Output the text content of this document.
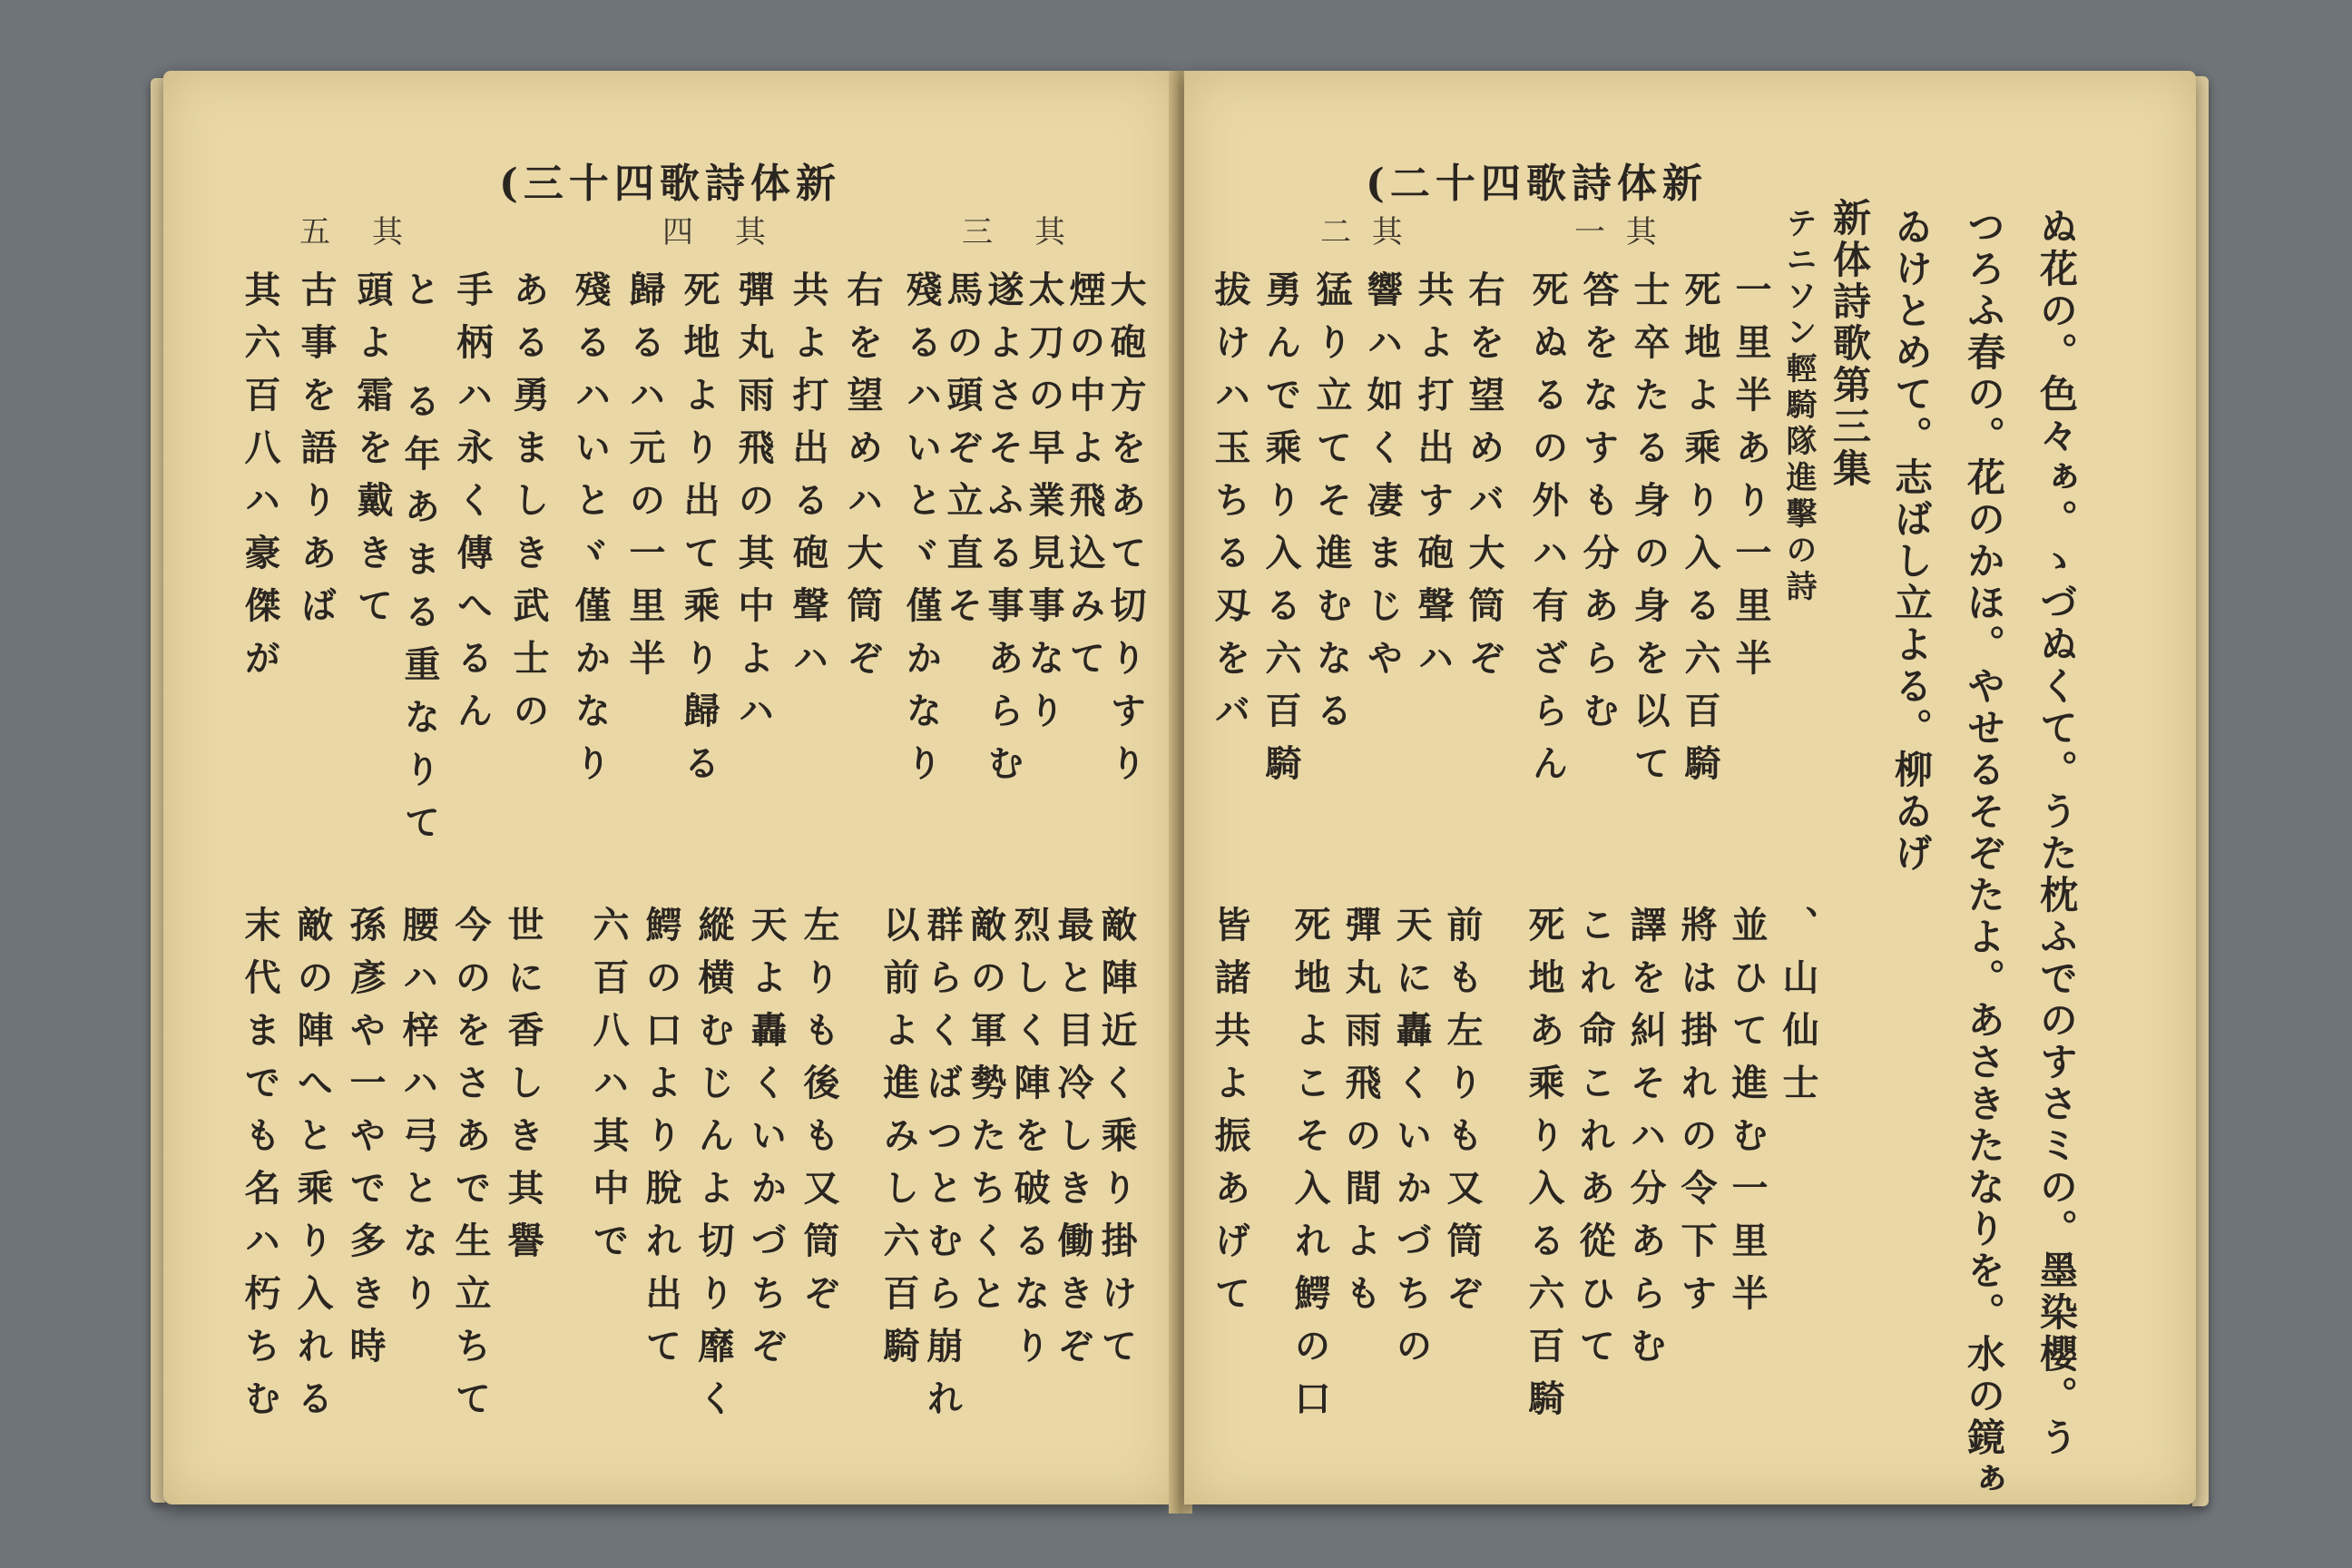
(三十四歌詩体新
五　其	四　其	三　其
其六百八ハ豪傑が 古事を語りあば 頭よ霜を戴きて と る年あまる重なりて 手柄ハ永く傳へるん ある勇ましき武士の 殘るハいとヾ僅かなり 歸るハ元の一里半 死地より出て乘り歸る 彈丸雨飛の其中よハ 共よ打出る砲聲ハ 右を望めハ大筒ぞ 殘るハいとヾ僅かなり
馬の頭ぞ立直そ
遂よさそふる事あらむ
太刀の早業見事なり
煙の中よ飛込みて
大砲方をあて切りすり
末代までも名ハ朽ちむ 敵の陣へと乘り入れる 孫彥や一やで多き時 腰ハ梓ハ弓となり 今のをさあで生立ちて 世に香しき其譽 六百八ハ其中で 鰐の口より脫れ出て 縱横むじんよ切り靡く 天よ轟くいかづちぞ 左りも後も又筒ぞ 以前よ進みし六百騎 群らくばつとむら崩れ 敵の軍勢たちくと 烈しく陣を破るなり 最と目冷しき働きぞ 敵陣近く乘り掛けて
(二十四歌詩体新
二 其	一 其
拔けハ玉ちる刄をバ 勇んで乘り入る六百騎 猛り立てそ進むなる 響ハ如く凄まじや 共よ打出す砲聲ハ 右を望めバ大筒ぞ 死ぬるの外ハ有ざらん 答をなすも分あらむ 士卒たる身の身を以て 死地よ乘り入る六百騎 一里半あり一里半 テニソン輕騎隊進擊の詩 新体詩歌第三集 ゐけとめて。志ばし立よる。柳ゐげ つろふ春の。花のかほ。やせるそぞたよ。あさきたなりを。水の鏡ぁ ぬ花の。色々ぁ。ゝづぬくて。うた枕ふでのすさミの。墨染櫻。う
皆諸共よ振あげて 死地よこそ入れ鰐の口 彈丸雨飛の間よも 天に轟くいかづちの 前も左りも又筒ぞ 死地あ乘り入る六百騎 これ命これあ從ひて 譯を糾そハ分あらむ 將は掛れの令下す 並ひて進む一里半 、山仙士
